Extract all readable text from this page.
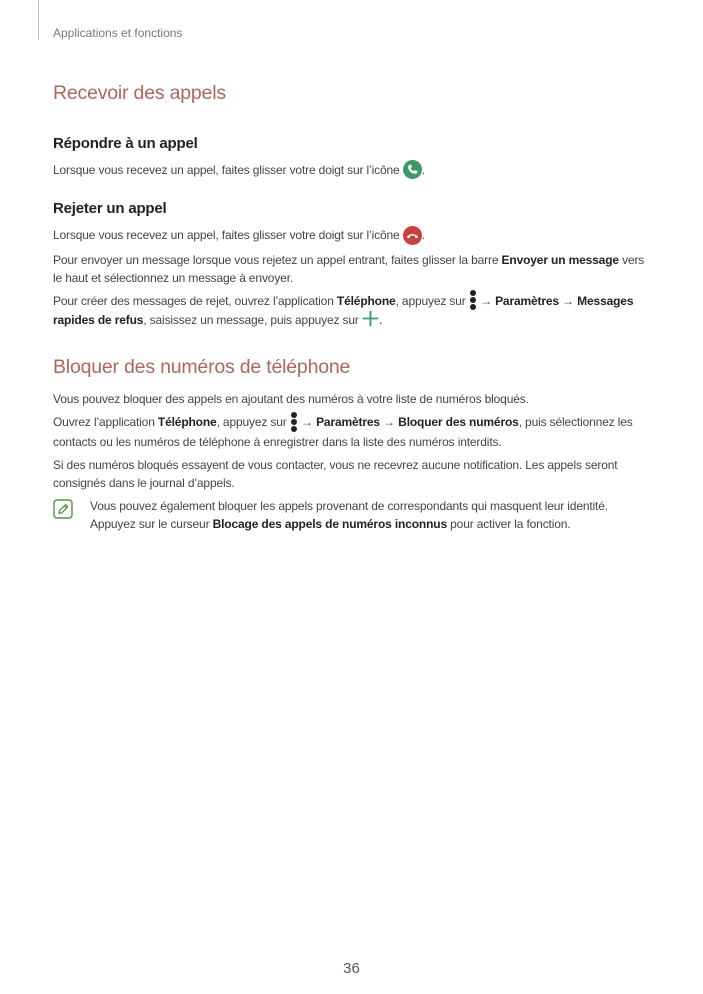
Applications et fonctions
Recevoir des appels
Répondre à un appel

Lorsque vous recevez un appel, faites glisser votre doigt sur l’icône
.

Rejeter un appel

Lorsque vous recevez un appel, faites glisser votre doigt sur l’icône
.

Pour envoyer un message lorsque vous rejetez un appel entrant, faites glisser la barre Envoyer un message vers le haut et sélectionnez un message à envoyer.

Pour créer des messages de rejet, ouvrez l’application Téléphone, appuyez sur
→ Paramètres → Messages rapides de refus, saisissez un message, puis appuyez sur
.

Bloquer des numéros de téléphone

Vous pouvez bloquer des appels en ajoutant des numéros à votre liste de numéros bloqués.

Ouvrez l’application Téléphone, appuyez sur
→ Paramètres → Bloquer des numéros, puis sélectionnez les contacts ou les numéros de téléphone à enregistrer dans la liste des numéros interdits.

Si des numéros bloqués essayent de vous contacter, vous ne recevrez aucune notification. Les appels seront consignés dans le journal d’appels.

Vous pouvez également bloquer les appels provenant de correspondants qui masquent leur identité. Appuyez sur le curseur Blocage des appels de numéros inconnus pour activer la fonction.

36
